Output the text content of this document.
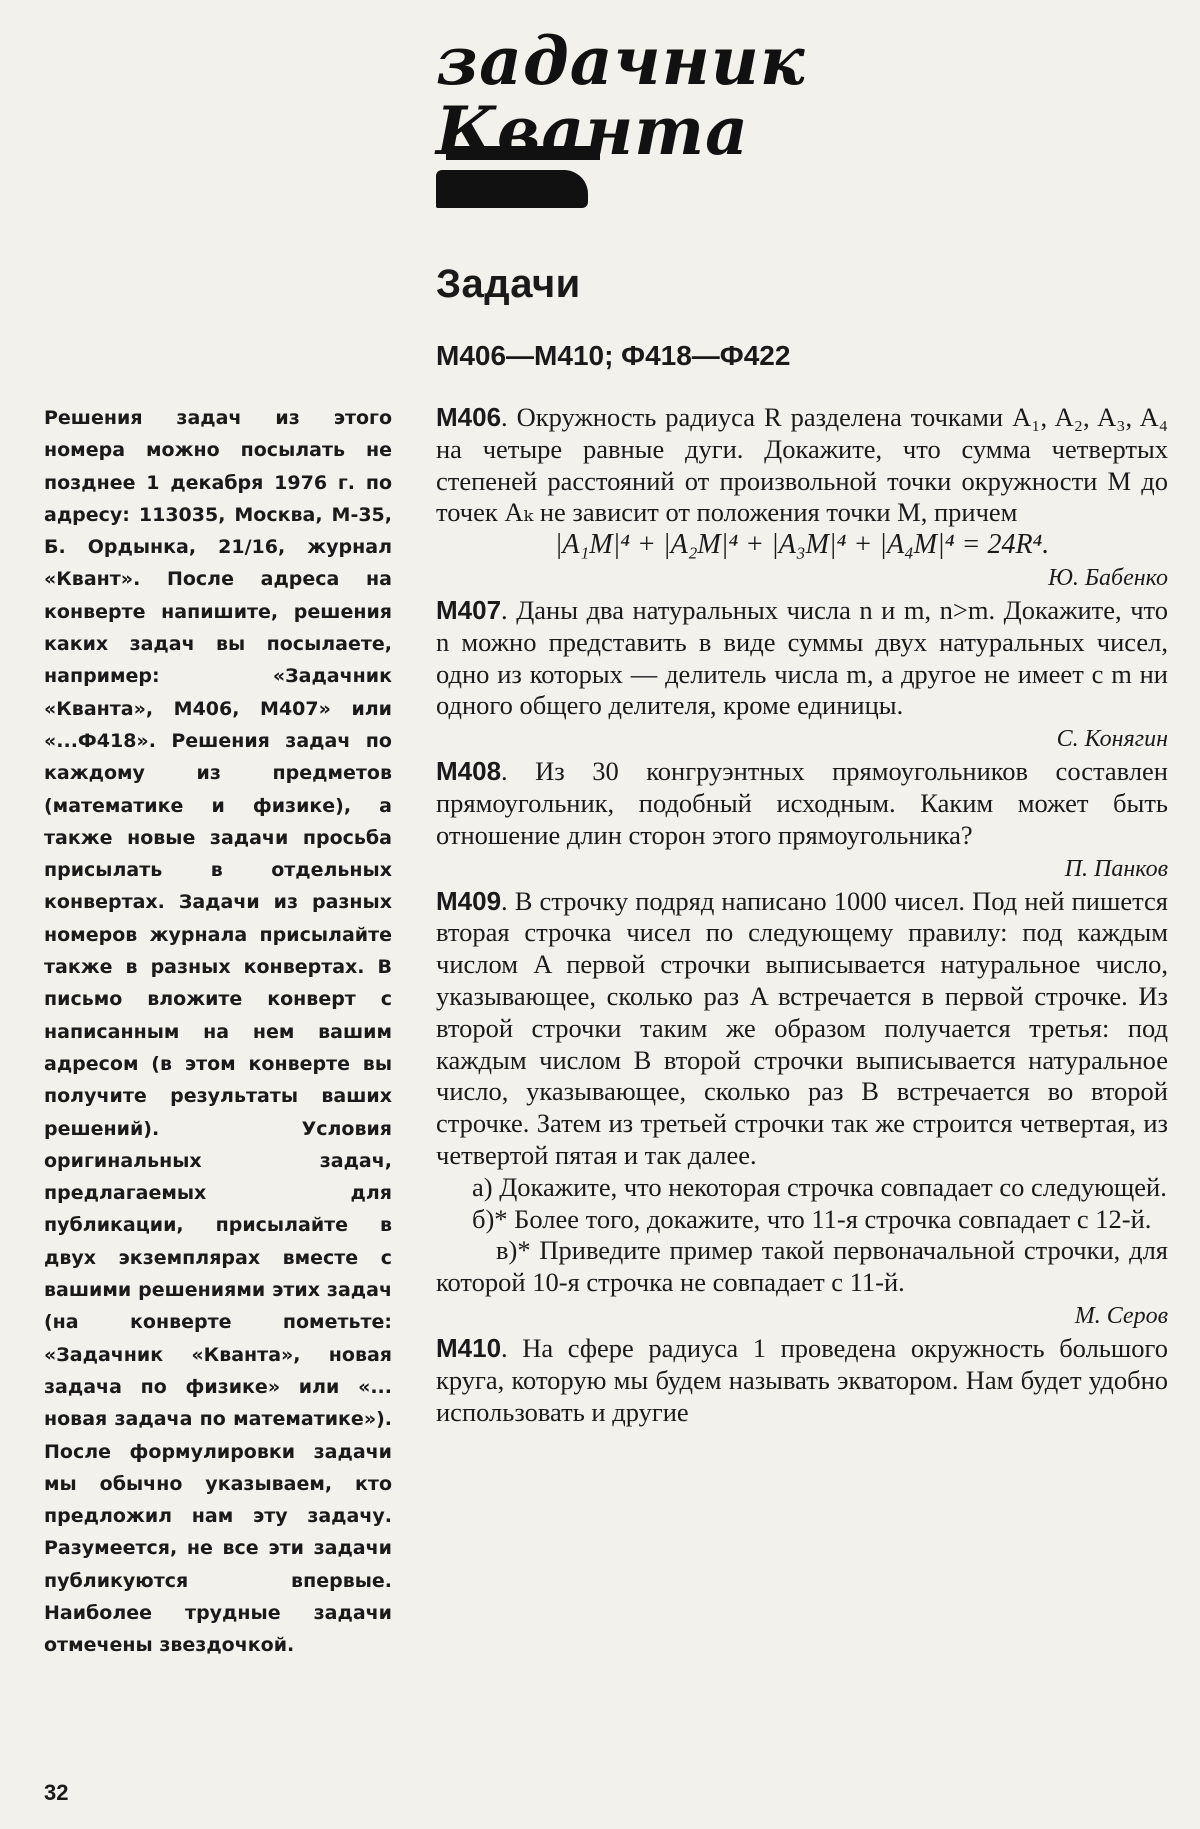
задачник
Кванта
Задачи
М406—М410; Ф418—Ф422
Решения задач из этого номера можно посылать не позднее 1 декабря 1976 г. по адресу: 113035, Москва, М-35, Б. Ордынка, 21/16, журнал «Квант». После адреса на конверте напишите, решения каких задач вы посылаете, например: «Задачник «Кванта», М406, М407» или «...Ф418». Решения задач по каждому из предметов (математике и физике), а также новые задачи просьба присылать в отдельных конвертах. Задачи из разных номеров журнала присылайте также в разных конвертах. В письмо вложите конверт с написанным на нем вашим адресом (в этом конверте вы получите результаты ваших решений). Условия оригинальных задач, предлагаемых для публикации, присылайте в двух экземплярах вместе с вашими решениями этих задач (на конверте пометьте: «Задачник «Кванта», новая задача по физике» или «... новая задача по математике»). После формулировки задачи мы обычно указываем, кто предложил нам эту задачу. Разумеется, не все эти задачи публикуются впервые. Наиболее трудные задачи отмечены звездочкой.

М406. Окружность радиуса R разделена точками A₁, A₂, A₃, A₄ на четыре равные дуги. Докажите, что сумма четвертых степеней расстояний от произвольной точки окружности M до точек Aₖ не зависит от положения точки M, причем

|A₁M|⁴ + |A₂M|⁴ + |A₃M|⁴ + |A₄M|⁴ = 24R⁴.

Ю. Бабенко

М407. Даны два натуральных числа n и m, n>m. Докажите, что n можно представить в виде суммы двух натуральных чисел, одно из которых — делитель числа m, а другое не имеет с m ни одного общего делителя, кроме единицы.

С. Конягин

М408. Из 30 конгруэнтных прямоугольников составлен прямоугольник, подобный исходным. Каким может быть отношение длин сторон этого прямоугольника?

П. Панков

М409. В строчку подряд написано 1000 чисел. Под ней пишется вторая строчка чисел по следующему правилу: под каждым числом A первой строчки выписывается натуральное число, указывающее, сколько раз A встречается в первой строчке. Из второй строчки таким же образом получается третья: под каждым числом B второй строчки выписывается натуральное число, указывающее, сколько раз B встречается во второй строчке. Затем из третьей строчки так же строится четвертая, из четвертой пятая и так далее.

а) Докажите, что некоторая строчка совпадает со следующей.

б)* Более того, докажите, что 11-я строчка совпадает с 12-й.

в)* Приведите пример такой первоначальной строчки, для которой 10-я строчка не совпадает с 11-й.

М. Серов

М410. На сфере радиуса 1 проведена окружность большого круга, которую мы будем называть экватором. Нам будет удобно использовать и другие

32
